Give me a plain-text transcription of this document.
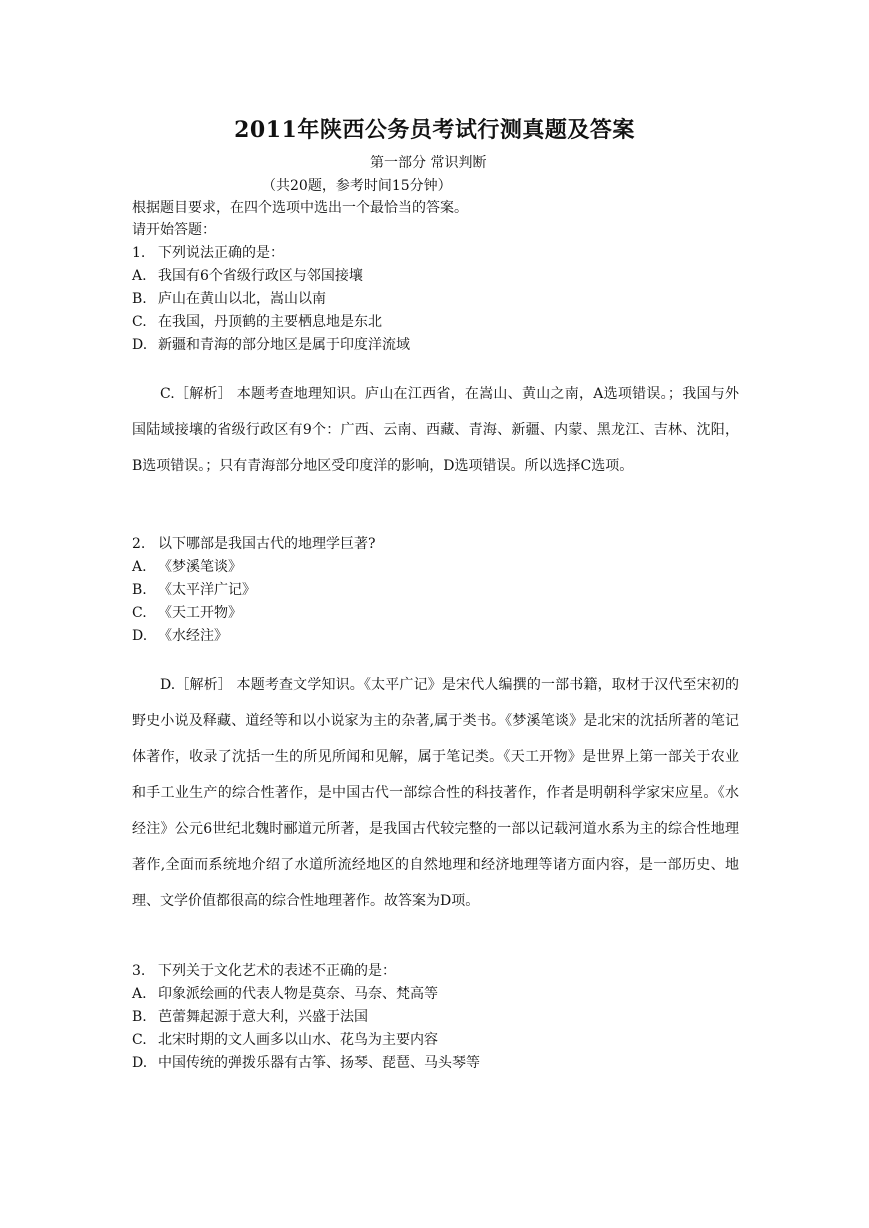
2011年陕西公务员考试行测真题及答案
第一部分 常识判断
（共20题，参考时间15分钟）
根据题目要求，在四个选项中选出一个最恰当的答案。
请开始答题：
1. 下列说法正确的是：
A. 我国有6个省级行政区与邻国接壤
B. 庐山在黄山以北，嵩山以南
C. 在我国，丹顶鹤的主要栖息地是东北
D. 新疆和青海的部分地区是属于印度洋流域

C.［解析］ 本题考查地理知识。庐山在江西省，在嵩山、黄山之南，A选项错误。；我国与外国陆域接壤的省级行政区有9个：广西、云南、西藏、青海、新疆、内蒙、黑龙江、吉林、沈阳，B选项错误。；只有青海部分地区受印度洋的影响，D选项错误。所以选择C选项。

2. 以下哪部是我国古代的地理学巨著?
A. 《梦溪笔谈》
B. 《太平洋广记》
C. 《天工开物》
D. 《水经注》

D.［解析］ 本题考查文学知识。《太平广记》是宋代人编撰的一部书籍，取材于汉代至宋初的野史小说及释藏、道经等和以小说家为主的杂著,属于类书。《梦溪笔谈》是北宋的沈括所著的笔记体著作，收录了沈括一生的所见所闻和见解，属于笔记类。《天工开物》是世界上第一部关于农业和手工业生产的综合性著作，是中国古代一部综合性的科技著作，作者是明朝科学家宋应星。《水经注》公元6世纪北魏时郦道元所著，是我国古代较完整的一部以记载河道水系为主的综合性地理著作,全面而系统地介绍了水道所流经地区的自然地理和经济地理等诸方面内容，是一部历史、地理、文学价值都很高的综合性地理著作。故答案为D项。

3. 下列关于文化艺术的表述不正确的是：
A. 印象派绘画的代表人物是莫奈、马奈、梵高等
B. 芭蕾舞起源于意大利，兴盛于法国
C. 北宋时期的文人画多以山水、花鸟为主要内容
D. 中国传统的弹拨乐器有古筝、扬琴、琵琶、马头琴等
